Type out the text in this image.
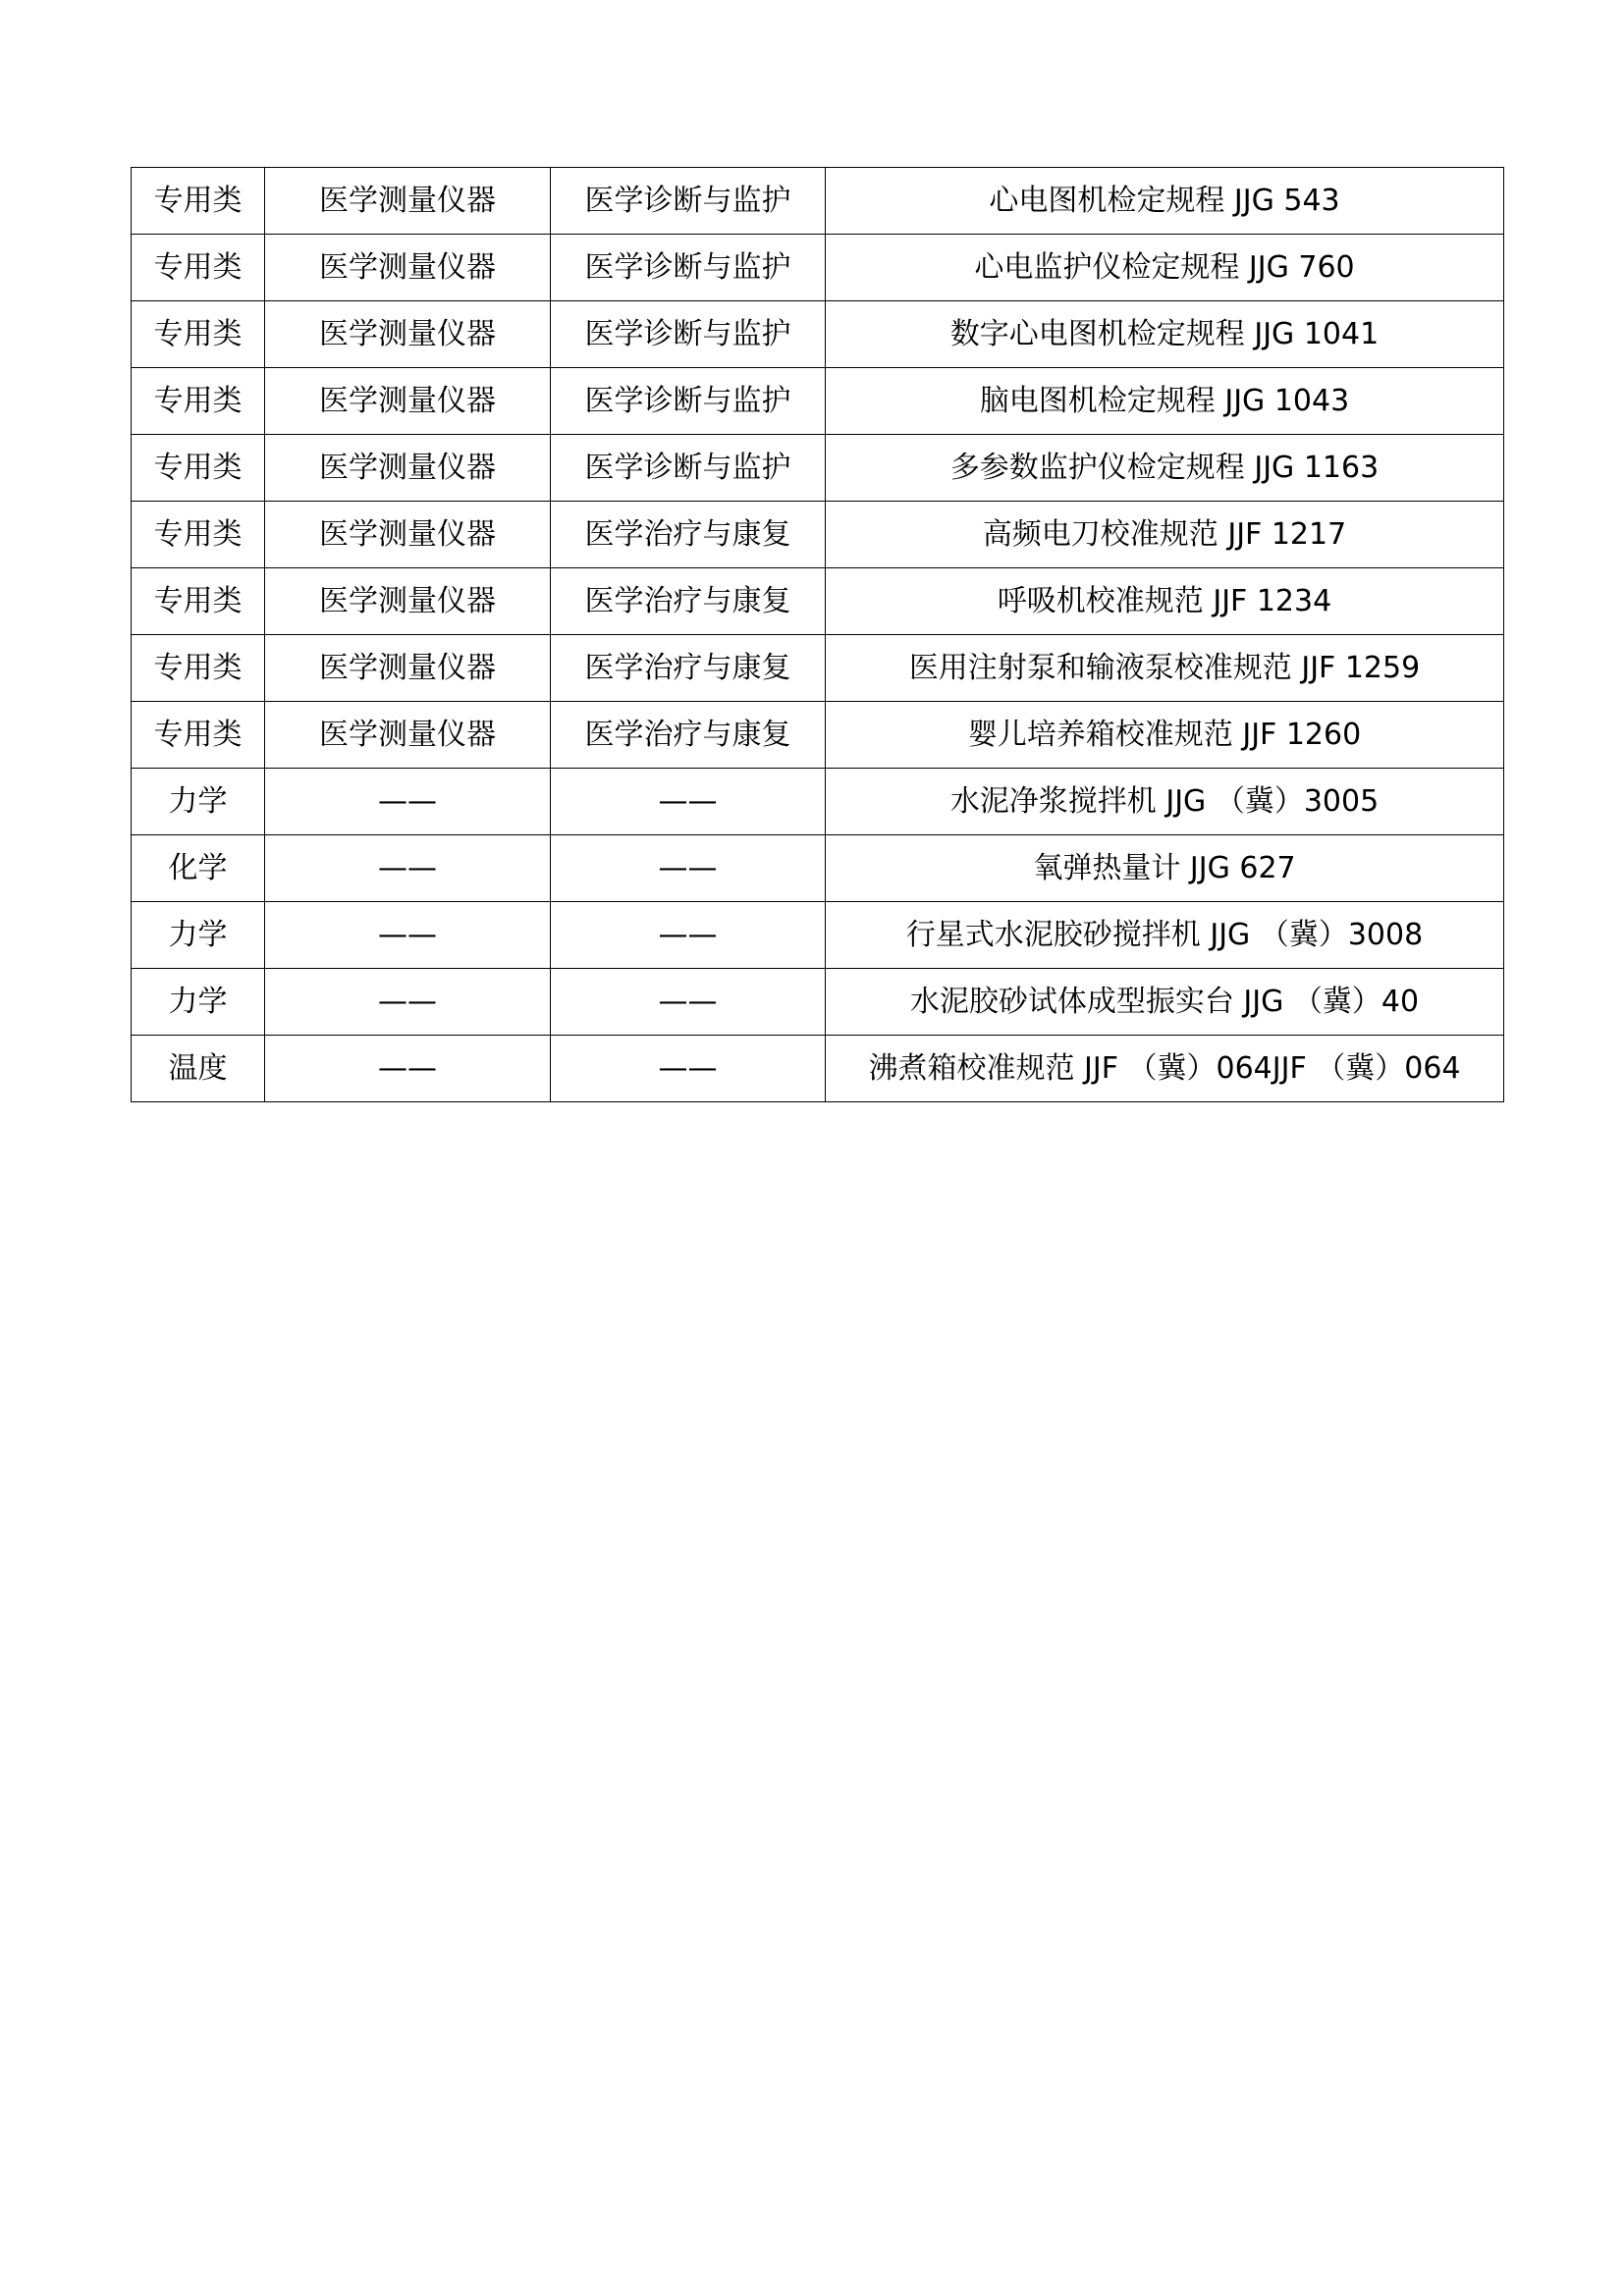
专用类	医学测量仪器	医学诊断与监护	心电图机检定规程 JJG 543
专用类	医学测量仪器	医学诊断与监护	心电监护仪检定规程 JJG 760
专用类	医学测量仪器	医学诊断与监护	数字心电图机检定规程 JJG 1041
专用类	医学测量仪器	医学诊断与监护	脑电图机检定规程 JJG 1043
专用类	医学测量仪器	医学诊断与监护	多参数监护仪检定规程 JJG 1163
专用类	医学测量仪器	医学治疗与康复	高频电刀校准规范 JJF 1217
专用类	医学测量仪器	医学治疗与康复	呼吸机校准规范 JJF 1234
专用类	医学测量仪器	医学治疗与康复	医用注射泵和输液泵校准规范 JJF 1259
专用类	医学测量仪器	医学治疗与康复	婴儿培养箱校准规范 JJF 1260
力学	——	——	水泥净浆搅拌机 JJG （冀）3005
化学	——	——	氧弹热量计 JJG 627
力学	——	——	行星式水泥胶砂搅拌机 JJG （冀）3008
力学	——	——	水泥胶砂试体成型振实台 JJG （冀）40
温度	——	——	沸煮箱校准规范 JJF （冀）064JJF （冀）064
